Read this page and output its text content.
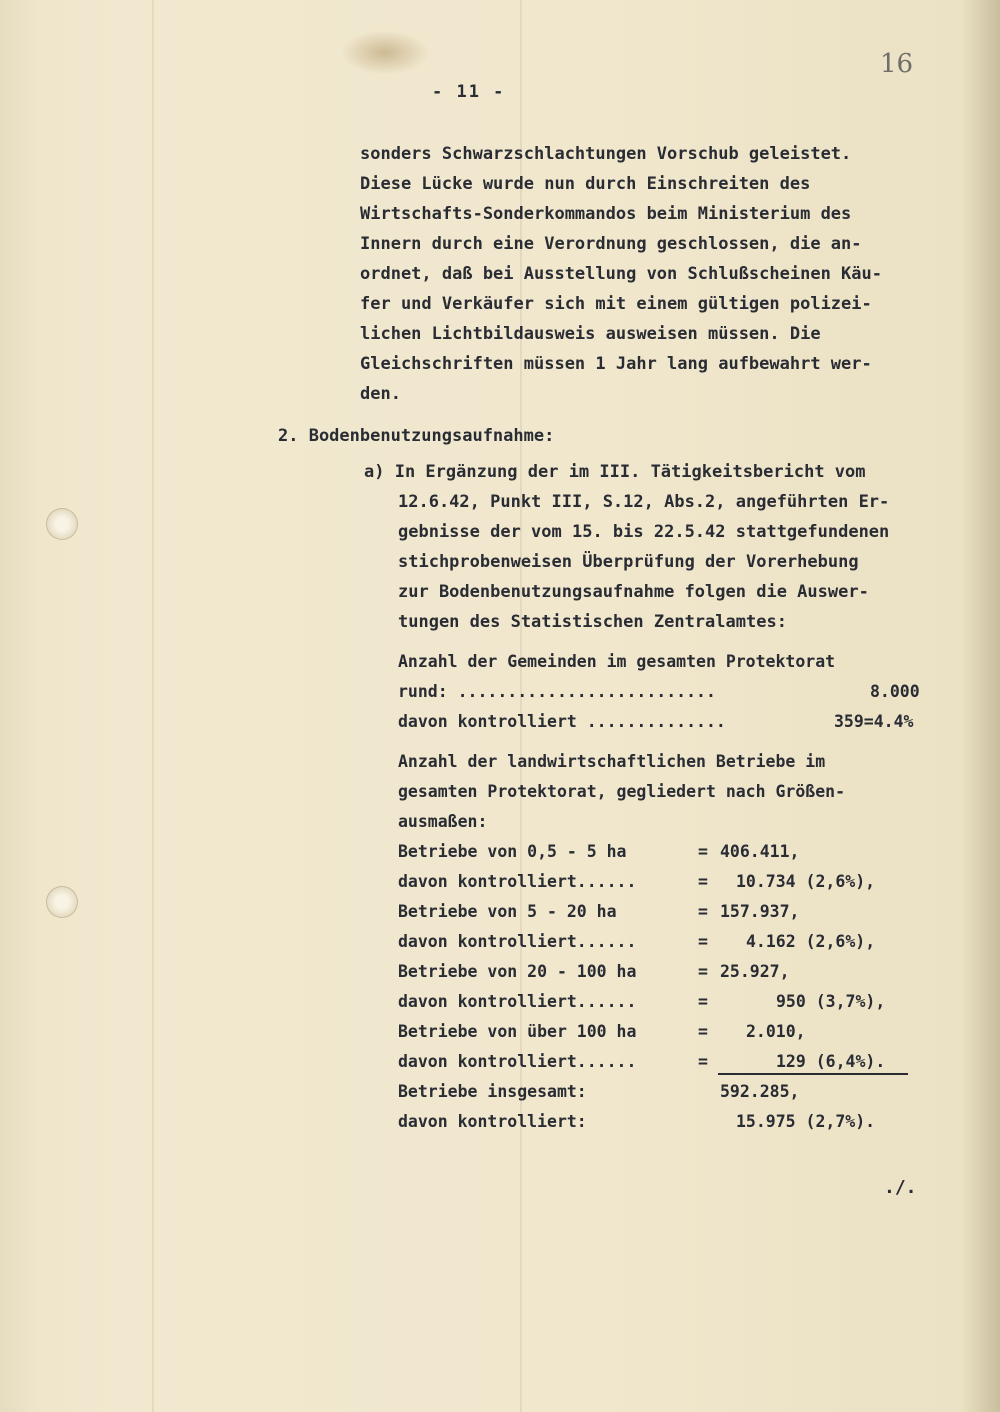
- 11 -
16
sonders Schwarzschlachtungen Vorschub geleistet.
Diese Lücke wurde nun durch Einschreiten des
Wirtschafts-Sonderkommandos beim Ministerium des
Innern durch eine Verordnung geschlossen, die an-
ordnet, daß bei Ausstellung von Schlußscheinen Käu-
fer und Verkäufer sich mit einem gültigen polizei-
lichen Lichtbildausweis ausweisen müssen. Die
Gleichschriften müssen 1 Jahr lang aufbewahrt wer-
den.
2. Bodenbenutzungsaufnahme:
a) In Ergänzung der im III. Tätigkeitsbericht vom
12.6.42, Punkt III, S.12, Abs.2, angeführten Er-
gebnisse der vom 15. bis 22.5.42 stattgefundenen
stichprobenweisen Überprüfung der Vorerhebung
zur Bodenbenutzungsaufnahme folgen die Auswer-
tungen des Statistischen Zentralamtes:
Anzahl der Gemeinden im gesamten Protektorat
rund: ..........................	8.000
davon kontrolliert ..............	359=4.4%
Anzahl der landwirtschaftlichen Betriebe im
gesamten Protektorat, gegliedert nach Größen-
ausmaßen:
Betriebe von 0,5 - 5 ha	= 406.411,
davon kontrolliert......	= 10.734 (2,6%),
Betriebe von 5 - 20 ha	= 157.937,
davon kontrolliert......	= 4.162 (2,6%),
Betriebe von 20 - 100 ha	= 25.927,
davon kontrolliert......	=	950 (3,7%),
Betriebe von über 100 ha	= 2.010,
davon kontrolliert......	=	129 (6,4%).
Betriebe insgesamt:	592.285,
davon kontrolliert:	15.975 (2,7%).
./.
